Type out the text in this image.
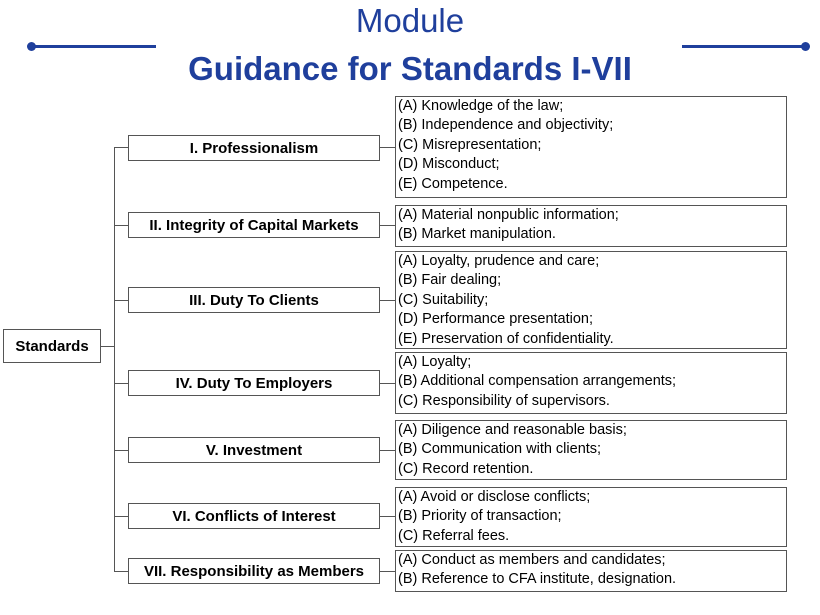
Module
Guidance for Standards I-VII
Standards
I. Professionalism
II. Integrity of Capital Markets
III. Duty To Clients
IV. Duty To Employers
V. Investment
VI. Conflicts of Interest
VII. Responsibility as Members
(A) Knowledge of the law;
(B) Independence and objectivity;
(C) Misrepresentation;
(D) Misconduct;
(E) Competence.
(A) Material nonpublic information;
(B) Market manipulation.
(A) Loyalty, prudence and care;
(B) Fair dealing;
(C) Suitability;
(D) Performance presentation;
(E) Preservation of confidentiality.
(A) Loyalty;
(B) Additional compensation arrangements;
(C) Responsibility of supervisors.
(A) Diligence and reasonable basis;
(B) Communication with clients;
(C) Record retention.
(A) Avoid or disclose conflicts;
(B) Priority of transaction;
(C) Referral fees.
(A) Conduct as members and candidates;
(B) Reference to CFA institute, designation.
